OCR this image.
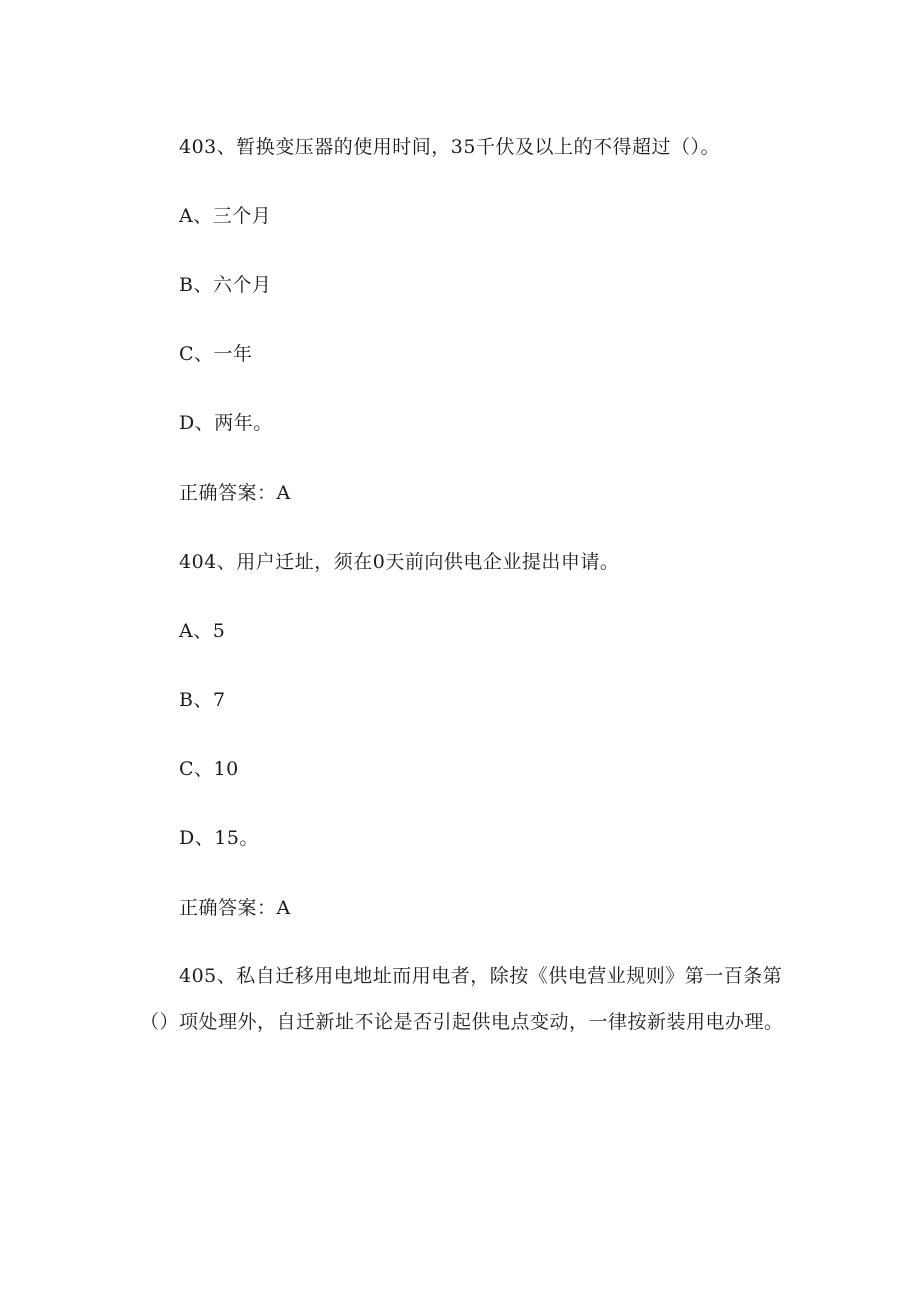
403、暂换变压器的使用时间，35千伏及以上的不得超过（）。
A、三个月
B、六个月
C、一年
D、两年。
正确答案：A
404、用户迁址，须在0天前向供电企业提出申请。
A、5
B、7
C、10
D、15。
正确答案：A
405、私自迁移用电地址而用电者，除按《供电营业规则》第一百条第（）项处理外，自迁新址不论是否引起供电点变动，一律按新装用电办理。
